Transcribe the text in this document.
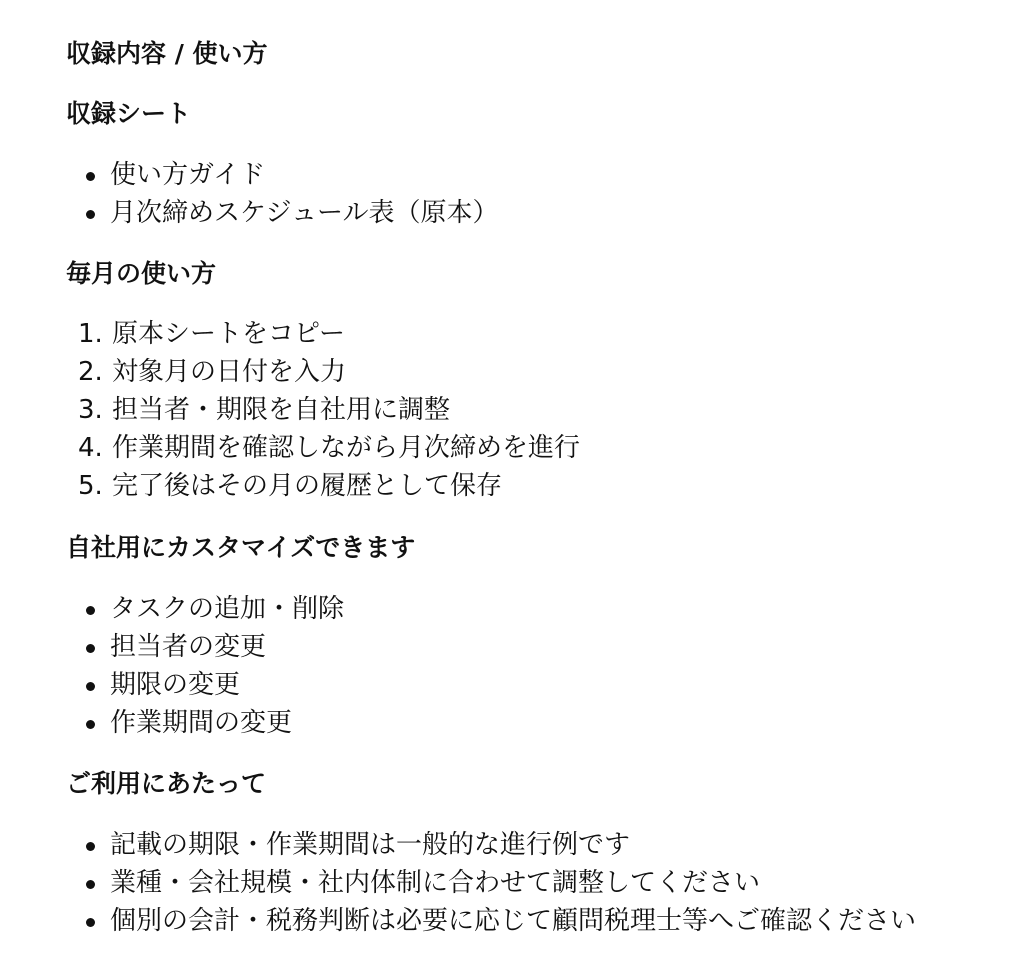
収録内容 / 使い方
収録シート
使い方ガイド
月次締めスケジュール表（原本）
毎月の使い方
1. 原本シートをコピー
2. 対象月の日付を入力
3. 担当者・期限を自社用に調整
4. 作業期間を確認しながら月次締めを進行
5. 完了後はその月の履歴として保存
自社用にカスタマイズできます
タスクの追加・削除
担当者の変更
期限の変更
作業期間の変更
ご利用にあたって
記載の期限・作業期間は一般的な進行例です
業種・会社規模・社内体制に合わせて調整してください
個別の会計・税務判断は必要に応じて顧問税理士等へご確認ください
